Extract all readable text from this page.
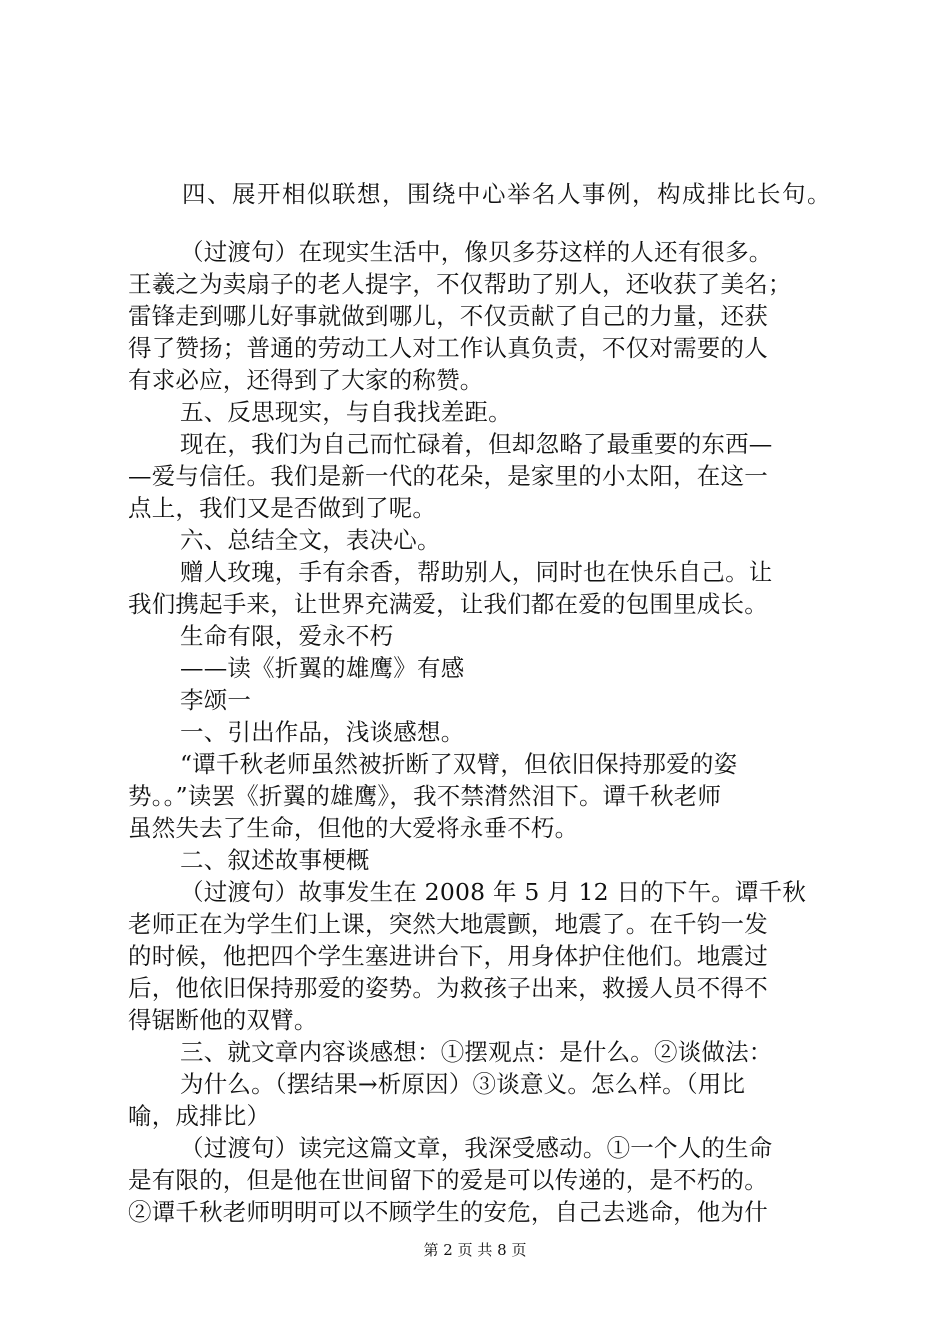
四、展开相似联想，围绕中心举名人事例，构成排比长句。
（过渡句）在现实生活中，像贝多芬这样的人还有很多。
王羲之为卖扇子的老人提字，不仅帮助了别人，还收获了美名；
雷锋走到哪儿好事就做到哪儿，不仅贡献了自己的力量，还获
得了赞扬；普通的劳动工人对工作认真负责，不仅对需要的人
有求必应，还得到了大家的称赞。
五、反思现实，与自我找差距。
现在，我们为自己而忙碌着，但却忽略了最重要的东西—
—爱与信任。我们是新一代的花朵，是家里的小太阳，在这一
点上，我们又是否做到了呢。
六、总结全文，表决心。
赠人玫瑰，手有余香，帮助别人，同时也在快乐自己。让
我们携起手来，让世界充满爱，让我们都在爱的包围里成长。
生命有限，爱永不朽
——读《折翼的雄鹰》有感
李颂一
一、引出作品，浅谈感想。
“谭千秋老师虽然被折断了双臂，但依旧保持那爱的姿
势。。”读罢《折翼的雄鹰》，我不禁潸然泪下。谭千秋老师
虽然失去了生命，但他的大爱将永垂不朽。
二、叙述故事梗概
（过渡句）故事发生在 2008 年 5 月 12 日的下午。谭千秋
老师正在为学生们上课，突然大地震颤，地震了。在千钧一发
的时候，他把四个学生塞进讲台下，用身体护住他们。地震过
后，他依旧保持那爱的姿势。为救孩子出来，救援人员不得不
得锯断他的双臂。
三、就文章内容谈感想：①摆观点：是什么。②谈做法：
为什么。（摆结果→析原因）③谈意义。怎么样。（用比
喻，成排比）
（过渡句）读完这篇文章，我深受感动。①一个人的生命
是有限的，但是他在世间留下的爱是可以传递的，是不朽的。
②谭千秋老师明明可以不顾学生的安危，自己去逃命，他为什
第 2 页 共 8 页
